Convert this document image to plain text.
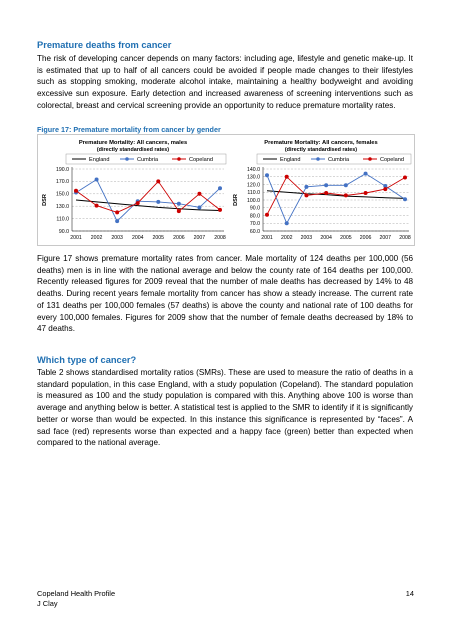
Premature deaths from cancer
The risk of developing cancer depends on many factors: including age, lifestyle and genetic make-up. It is estimated that up to half of all cancers could be avoided if people made changes to their lifestyles such as stopping smoking, moderate alcohol intake, maintaining a healthy bodyweight and avoiding excessive sun exposure. Early detection and increased awareness of screening interventions such as colorectal, breast and cervical screening provide an opportunity to reduce premature mortality rates.
Figure 17: Premature mortality from cancer by gender
Premature Mortality: All cancers, males
(directly standardised rates)
England	Cumbria	Copeland
190.0
170.0
150.0
130.0
110.0
90.0
DSR
2001 2002 2003 2004 2005 2006 2007 2008
Premature Mortality: All cancers, females
(directly standardised rates)
England	Cumbria	Copeland
140.0
130.0
120.0
110.0
100.0
90.0
80.0
70.0
60.0
DSR
2001 2002 2003 2004 2005 2006 2007 2008
Figure 17 shows premature mortality rates from cancer. Male mortality of 124 deaths per 100,000 (56 deaths) men is in line with the national average and below the county rate of 164 deaths per 100,000. Recently released figures for 2009 reveal that the number of male deaths has decreased by 14% to 48 deaths. During recent years female mortality from cancer has show a steady increase. The current rate of 131 deaths per 100,000 females (57 deaths) is above the county and national rate of 100 deaths for every 100,000 females. Figures for 2009 show that the number of female deaths decreased by 18% to 47 deaths.
Which type of cancer?
Table 2 shows standardised mortality ratios (SMRs). These are used to measure the ratio of deaths in a standard population, in this case England, with a study population (Copeland). The standard population is measured as 100 and the study population is compared with this. Anything above 100 is worse than average and anything below is better. A statistical test is applied to the SMR to identify if it is significantly better or worse than would be expected. In this instance this significance is represented by “faces”. A sad face (red) represents worse than expected and a happy face (green) better than expected when compared to the national average.
Copeland Health Profile
J Clay
14
